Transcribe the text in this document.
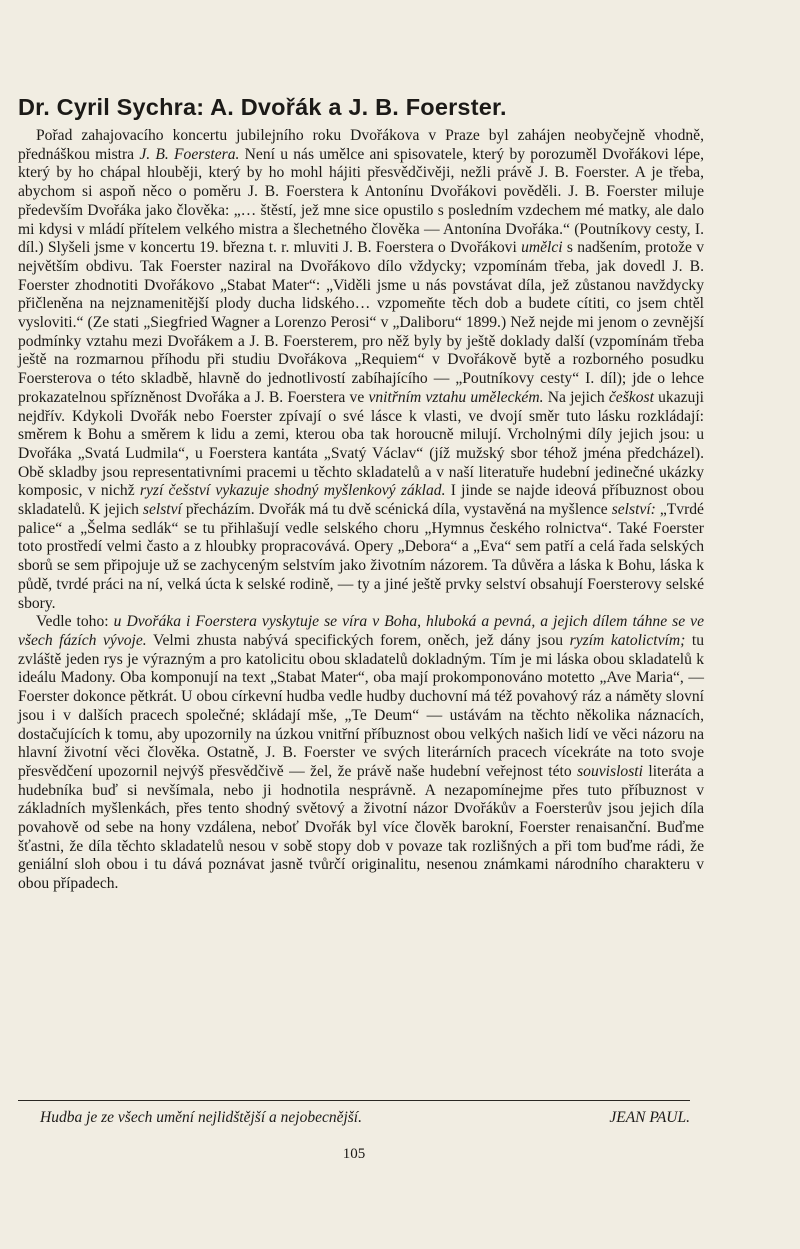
Dr. Cyril Sychra: A. Dvořák a J. B. Foerster.

Pořad zahajovacího koncertu jubilejního roku Dvořákova v Praze byl zahájen neobyčejně vhodně, přednáškou mistra J. B. Foerstera. Není u nás umělce ani spisovatele, který by porozuměl Dvořákovi lépe, který by ho chápal hlouběji, který by ho mohl hájiti přesvědčivěji, nežli právě J. B. Foerster. A je třeba, abychom si aspoň něco o poměru J. B. Foerstera k Antonínu Dvořákovi pověděli. J. B. Foerster miluje především Dvořáka jako člověka: „… štěstí, jež mne sice opustilo s posledním vzdechem mé matky, ale dalo mi kdysi v mládí přítelem velkého mistra a šlechetného člověka — Antonína Dvořáka.“ (Poutníkovy cesty, I. díl.) Slyšeli jsme v koncertu 19. března t. r. mluviti J. B. Foerstera o Dvořákovi umělci s nadšením, protože v největším obdivu. Tak Foerster naziral na Dvořákovo dílo vždycky; vzpomínám třeba, jak dovedl J. B. Foerster zhodnotiti Dvořákovo „Stabat Mater“: „Viděli jsme u nás povstávat díla, jež zůstanou navždycky přičleněna na nejznamenitější plody ducha lidského… vzpomeňte těch dob a budete cítiti, co jsem chtěl vysloviti.“ (Ze stati „Siegfried Wagner a Lorenzo Perosi“ v „Daliboru“ 1899.) Než nejde mi jenom o zevnější podmínky vztahu mezi Dvořákem a J. B. Foersterem, pro něž byly by ještě doklady další (vzpomínám třeba ještě na rozmarnou příhodu při studiu Dvořákova „Requiem“ v Dvořákově bytě a rozborného posudku Foersterova o této skladbě, hlavně do jednotlivostí zabíhajícího — „Poutníkovy cesty“ I. díl); jde o lehce prokazatelnou spřízněnost Dvořáka a J. B. Foerstera ve vnitřním vztahu uměleckém. Na jejich češkost ukazuji nejdřív. Kdykoli Dvořák nebo Foerster zpívají o své lásce k vlasti, ve dvojí směr tuto lásku rozkládají: směrem k Bohu a směrem k lidu a zemi, kterou oba tak horoucně milují. Vrcholnými díly jejich jsou: u Dvořáka „Svatá Ludmila“, u Foerstera kantáta „Svatý Václav“ (jíž mužský sbor téhož jména předcházel). Obě skladby jsou representativními pracemi u těchto skladatelů a v naší literatuře hudební jedinečné ukázky komposic, v nichž ryzí češství vykazuje shodný myšlenkový základ. I jinde se najde ideová příbuznost obou skladatelů. K jejich selství přecházím. Dvořák má tu dvě scénická díla, vystavěná na myšlence selství: „Tvrdé palice“ a „Šelma sedlák“ se tu přihlašují vedle selského choru „Hymnus českého rolnictva“. Také Foerster toto prostředí velmi často a z hloubky propracovává. Opery „Debora“ a „Eva“ sem patří a celá řada selských sborů se sem připojuje už se zachyceným selstvím jako životním názorem. Ta důvěra a láska k Bohu, láska k půdě, tvrdé práci na ní, velká úcta k selské rodině, — ty a jiné ještě prvky selství obsahují Foersterovy selské sbory.

Vedle toho: u Dvořáka i Foerstera vyskytuje se víra v Boha, hluboká a pevná, a jejich dílem táhne se ve všech fázích vývoje. Velmi zhusta nabývá specifických forem, oněch, jež dány jsou ryzím katolictvím; tu zvláště jeden rys je výrazným a pro katolicitu obou skladatelů dokladným. Tím je mi láska obou skladatelů k ideálu Madony. Oba komponují na text „Stabat Mater“, oba mají prokomponováno motetto „Ave Maria“, — Foerster dokonce pětkrát. U obou církevní hudba vedle hudby duchovní má též povahový ráz a náměty slovní jsou i v dalších pracech společné; skládají mše, „Te Deum“ — ustávám na těchto několika náznacích, dostačujících k tomu, aby upozornily na úzkou vnitřní příbuznost obou velkých našich lidí ve věci názoru na hlavní životní věci člověka. Ostatně, J. B. Foerster ve svých literárních pracech vícekráte na toto svoje přesvědčení upozornil nejvýš přesvědčivě — žel, že právě naše hudební veřejnost této souvislosti literáta a hudebníka buď si nevšímala, nebo ji hodnotila nesprávně. A nezapomínejme přes tuto příbuznost v základních myšlenkách, přes tento shodný světový a životní názor Dvořákův a Foersterův jsou jejich díla povahově od sebe na hony vzdálena, neboť Dvořák byl více člověk barokní, Foerster renaisanční. Buďme šťastni, že díla těchto skladatelů nesou v sobě stopy dob v povaze tak rozlišných a při tom buďme rádi, že geniální sloh obou i tu dává poznávat jasně tvůrčí originalitu, nesenou známkami národního charakteru v obou případech.

Hudba je ze všech umění nejlidštější a nejobecnější.	JEAN PAUL.
105
